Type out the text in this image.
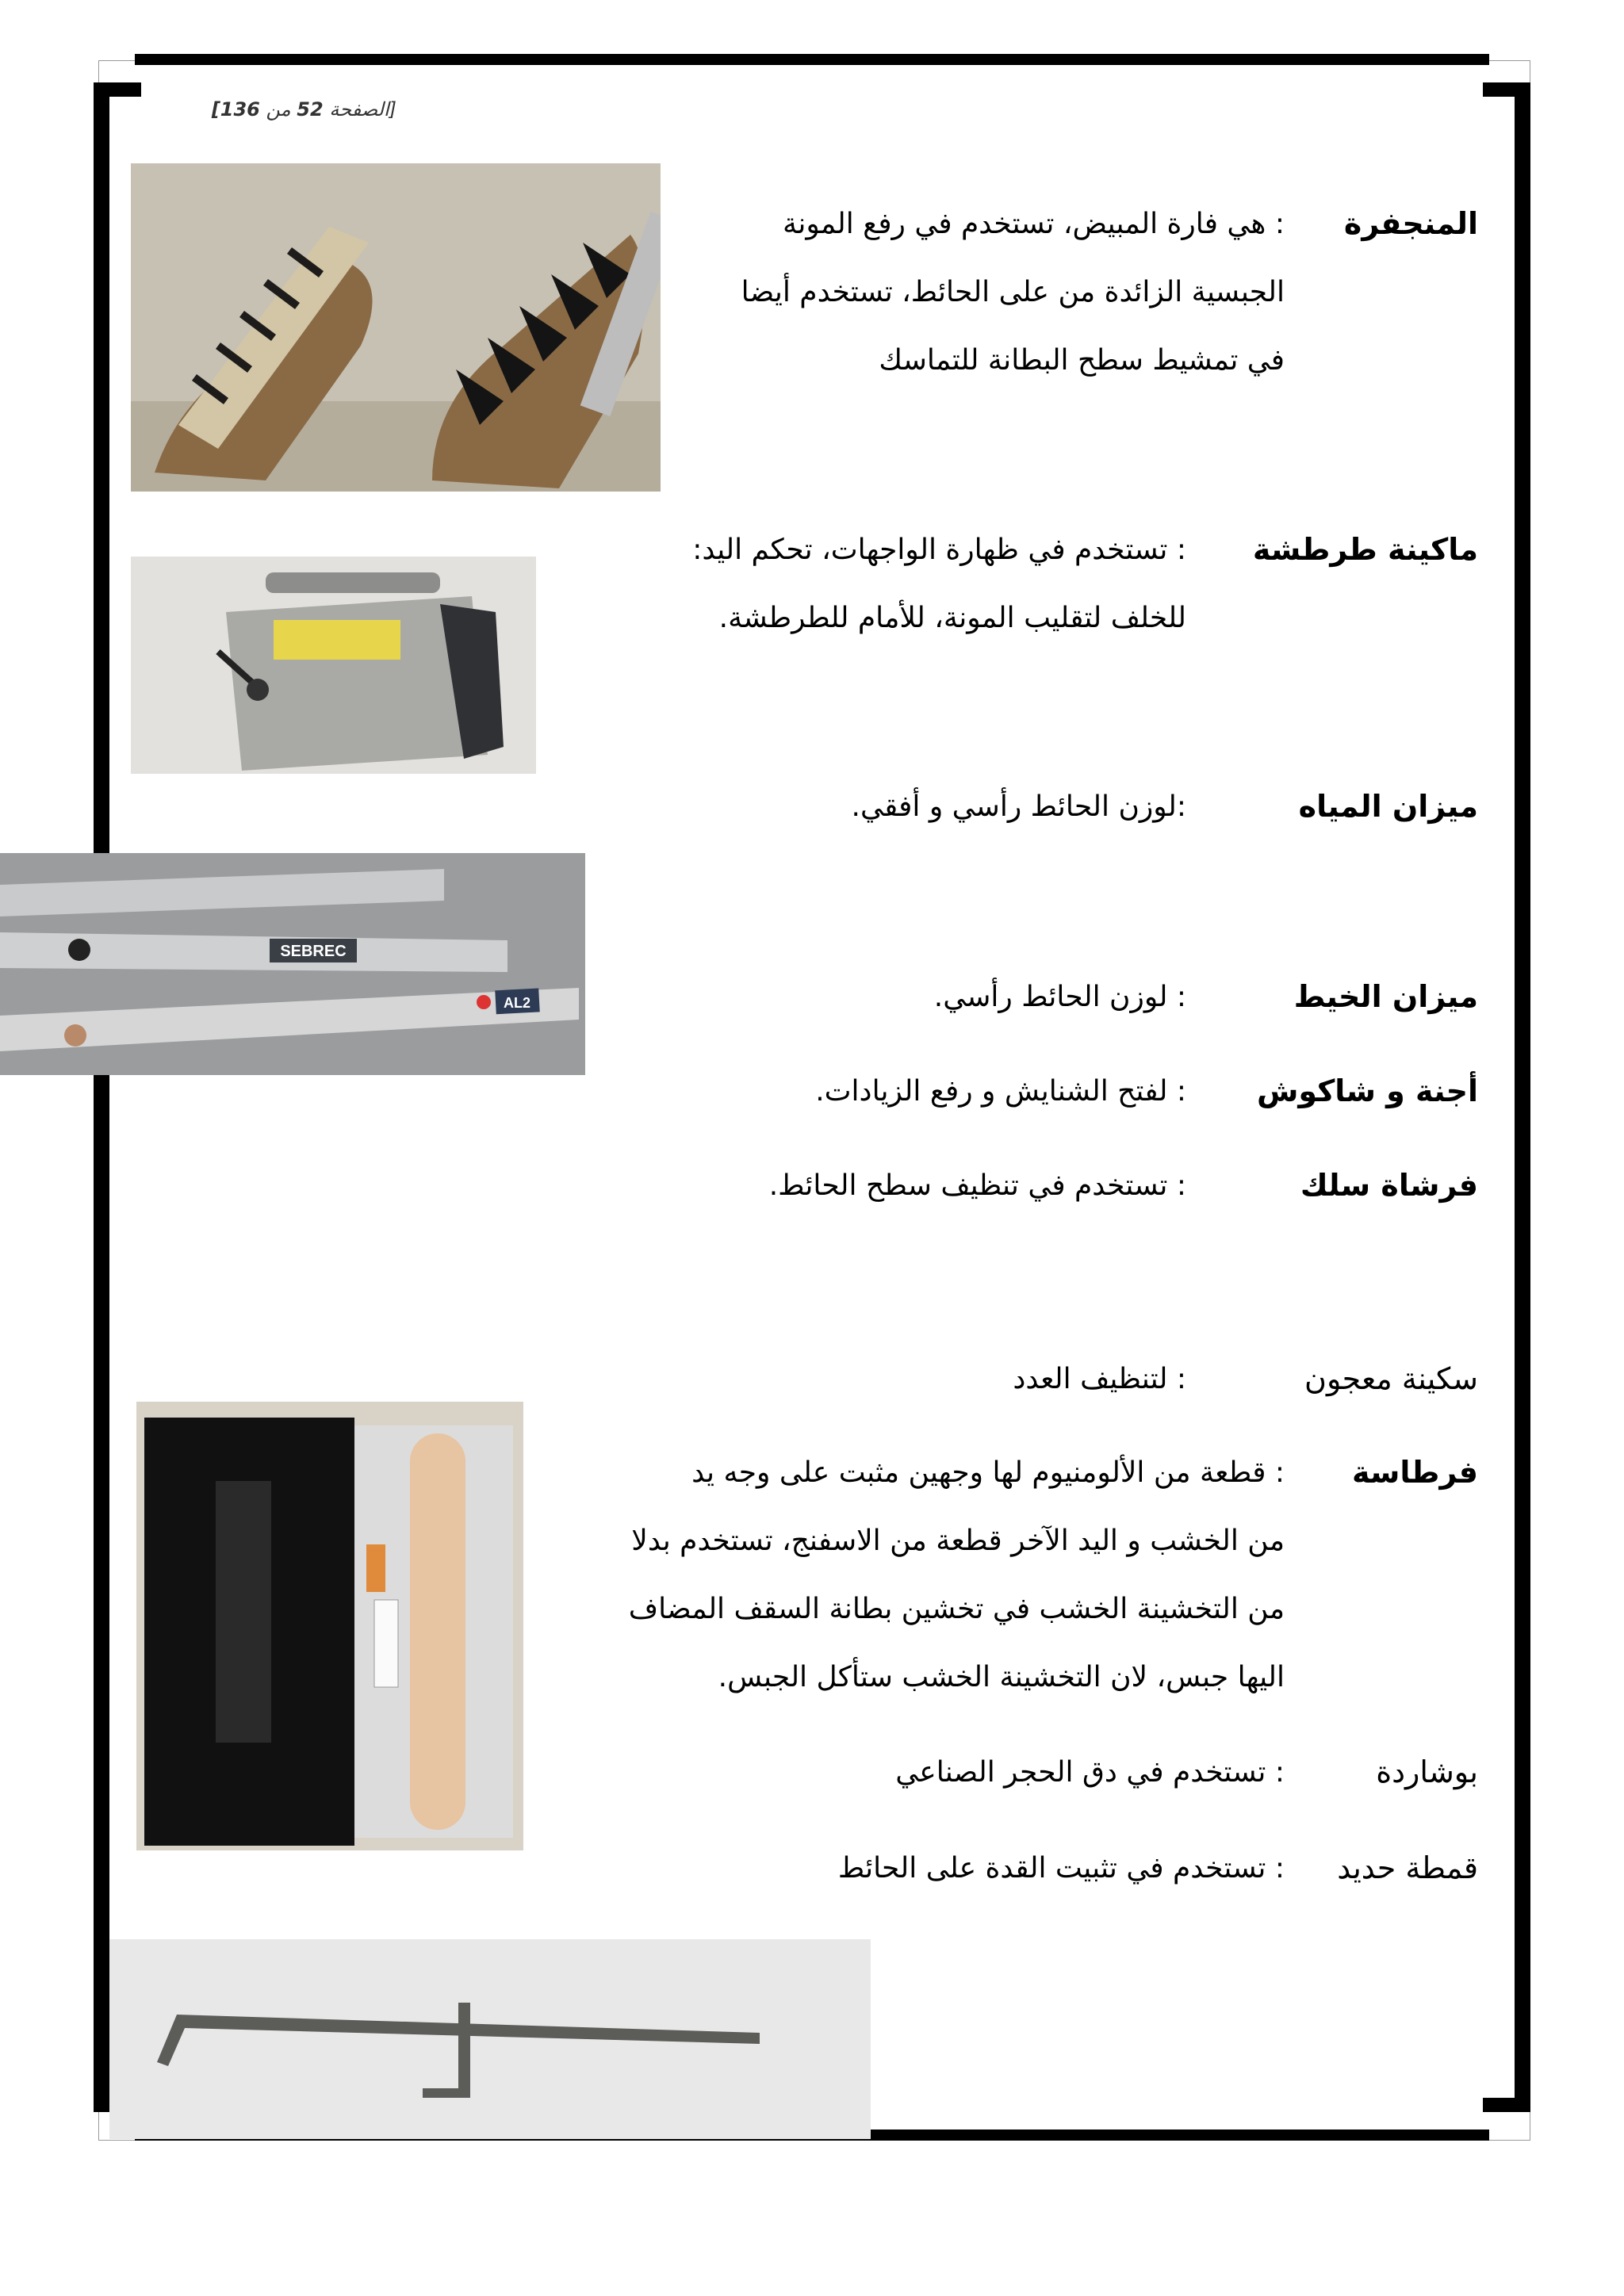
[الصفحة 52 من 136]
SEBREC
AL2
المنجفرة
: هي فارة المبيض، تستخدم في رفع المونة
الجبسية الزائدة من على الحائط، تستخدم أيضا
في تمشيط سطح البطانة للتماسك
ماكينة طرطشة
: تستخدم في ظهارة الواجهات، تحكم اليد:
للخلف لتقليب المونة، للأمام للطرطشة.
ميزان المياه
:لوزن الحائط رأسي و أفقي.
ميزان الخيط
: لوزن الحائط رأسي.
أجنة و شاكوش
: لفتح الشنايش و رفع الزيادات.
فرشاة سلك
: تستخدم في تنظيف سطح الحائط.
سكينة معجون
: لتنظيف العدد
فرطاسة
: قطعة من الألومنيوم لها وجهين مثبت على وجه يد
من الخشب و اليد الآخر قطعة من الاسفنج، تستخدم بدلا
من التخشينة الخشب في تخشين بطانة السقف المضاف
اليها جبس، لان التخشينة الخشب ستأكل الجبس.
بوشاردة
: تستخدم في دق الحجر الصناعي
قمطة حديد
: تستخدم في تثبيت القدة على الحائط
